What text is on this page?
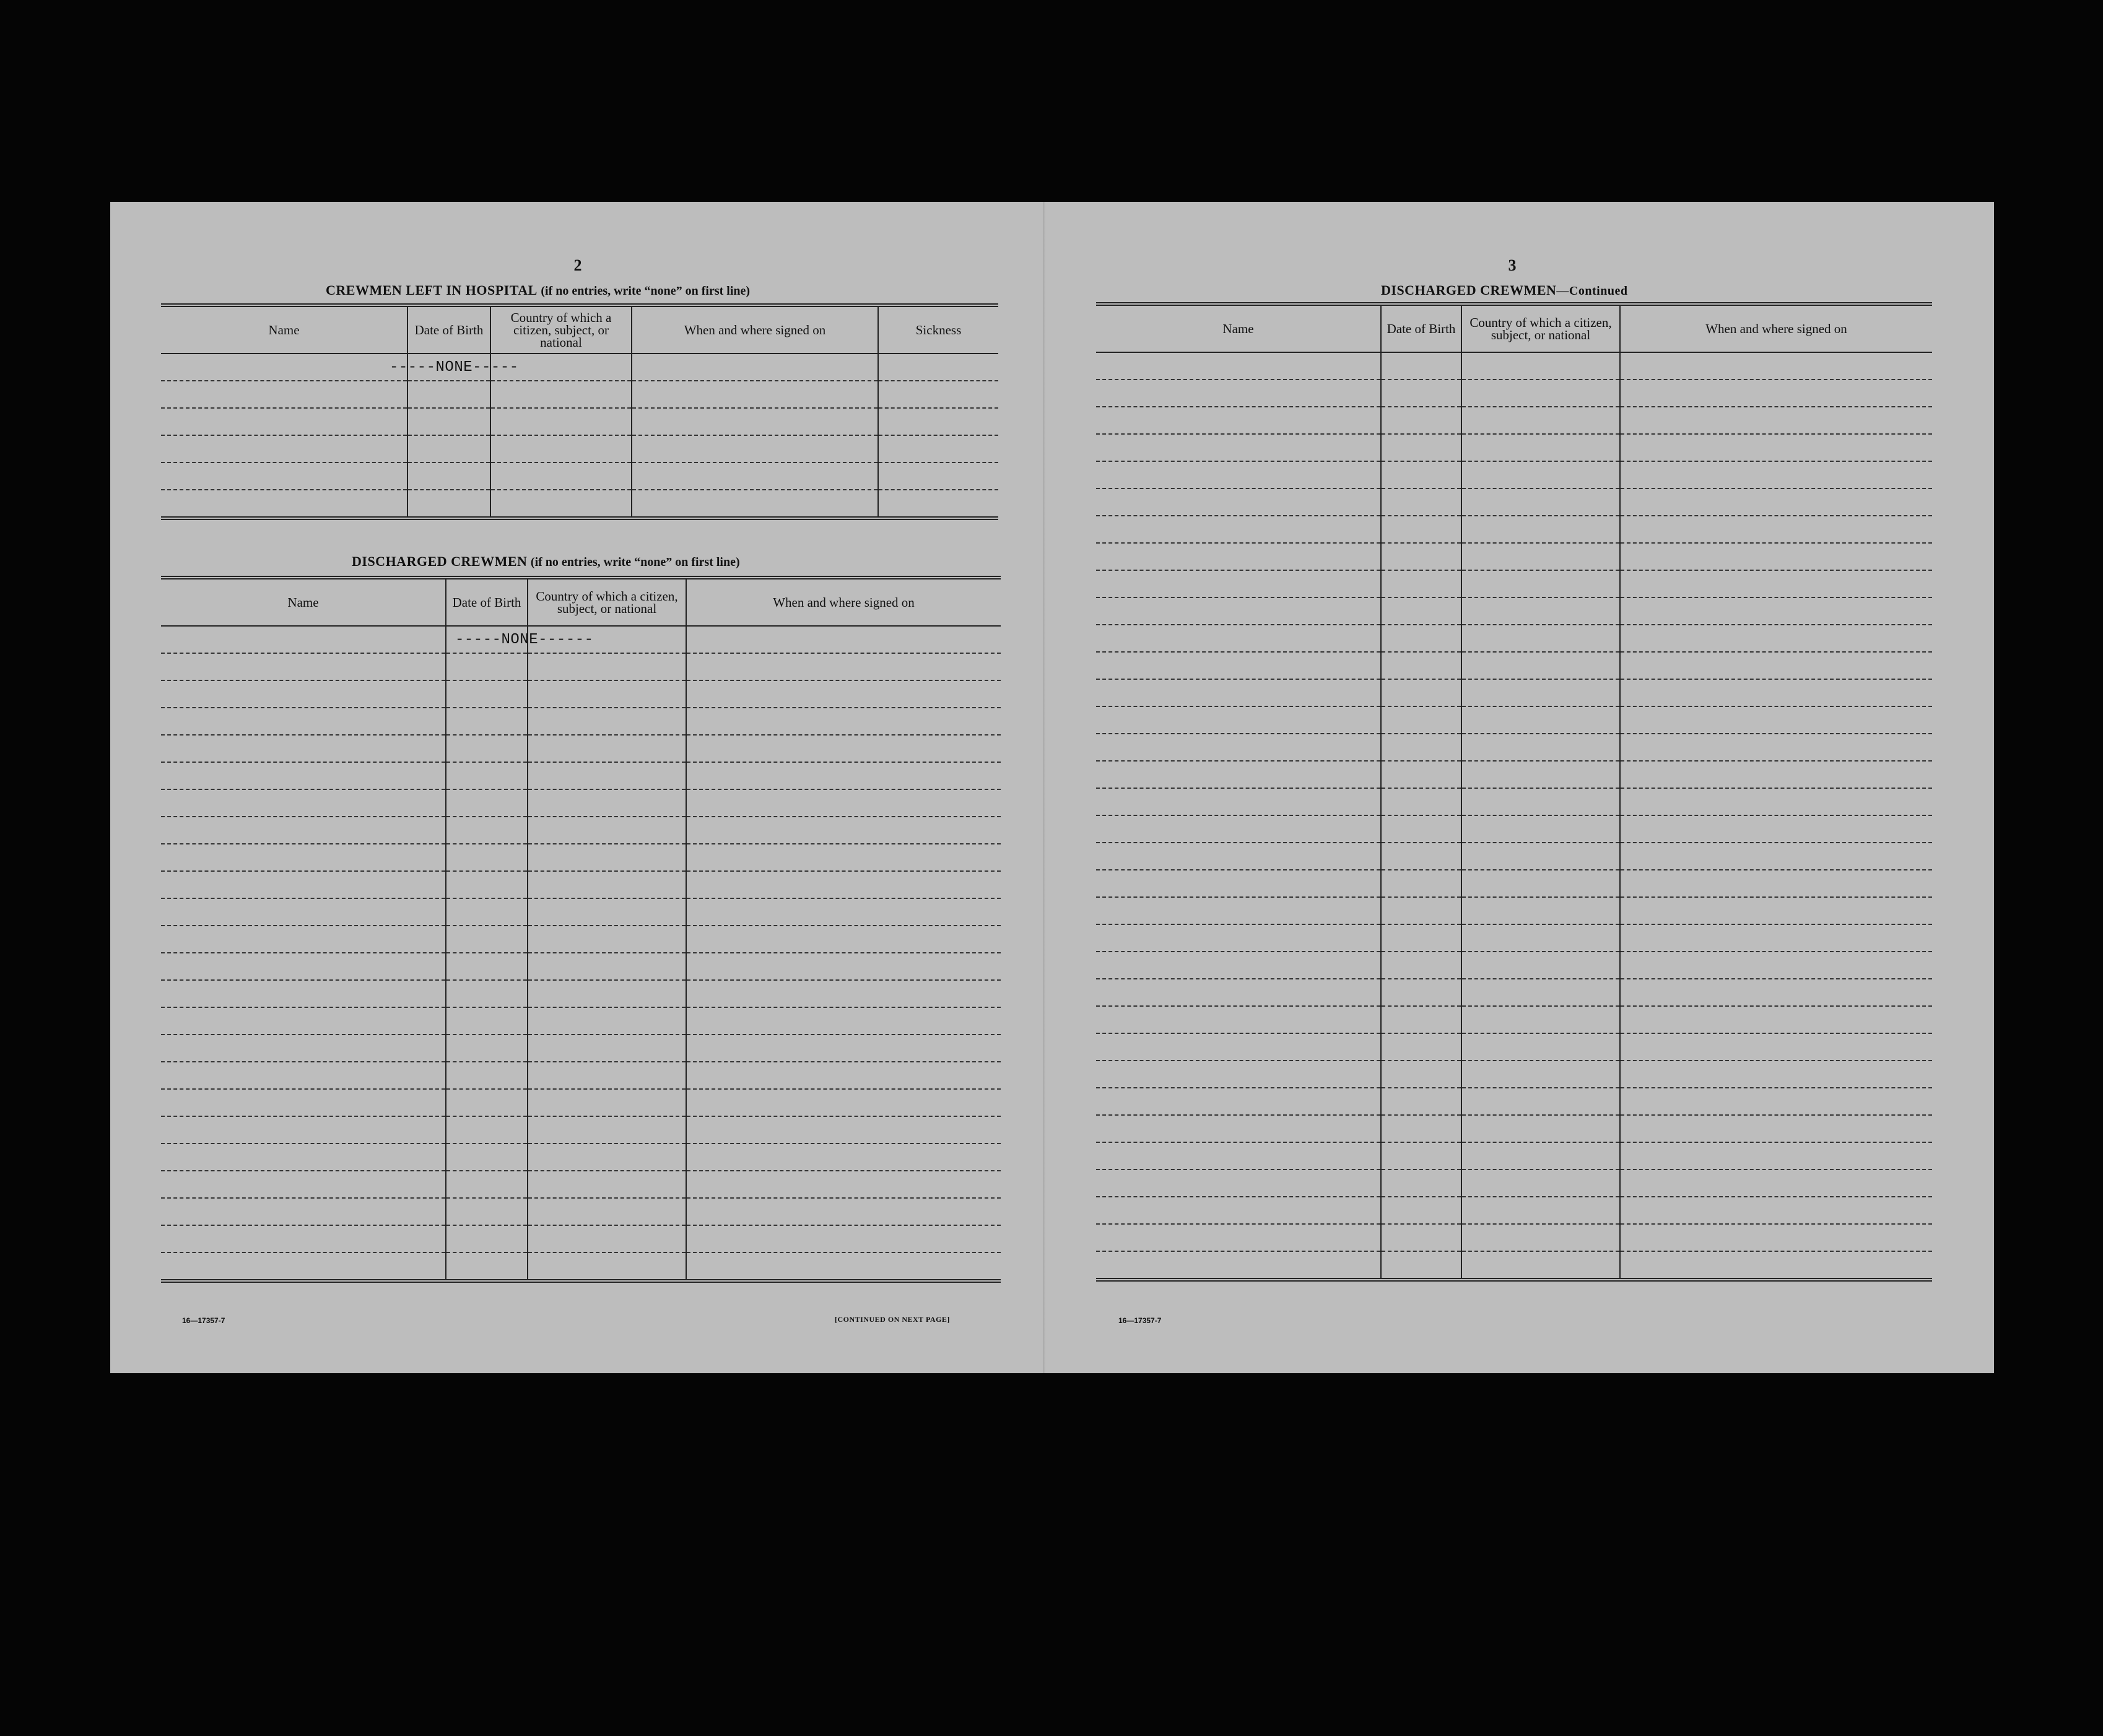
2
CREWMEN LEFT IN HOSPITAL (if no entries, write “none” on first line)
Name	Date of Birth	Country of which a citizen, subject, or national	When and where signed on	Sickness

	-----NONE-----			

DISCHARGED CREWMEN (if no entries, write “none” on first line)
Name	Date of Birth	Country of which a citizen, subject, or national	When and where signed on

	-----NONE------		

16—17357-7	[CONTINUED ON NEXT PAGE]
3
DISCHARGED CREWMEN—Continued
Name	Date of Birth	Country of which a citizen, subject, or national	When and where signed on

16—17357-7
